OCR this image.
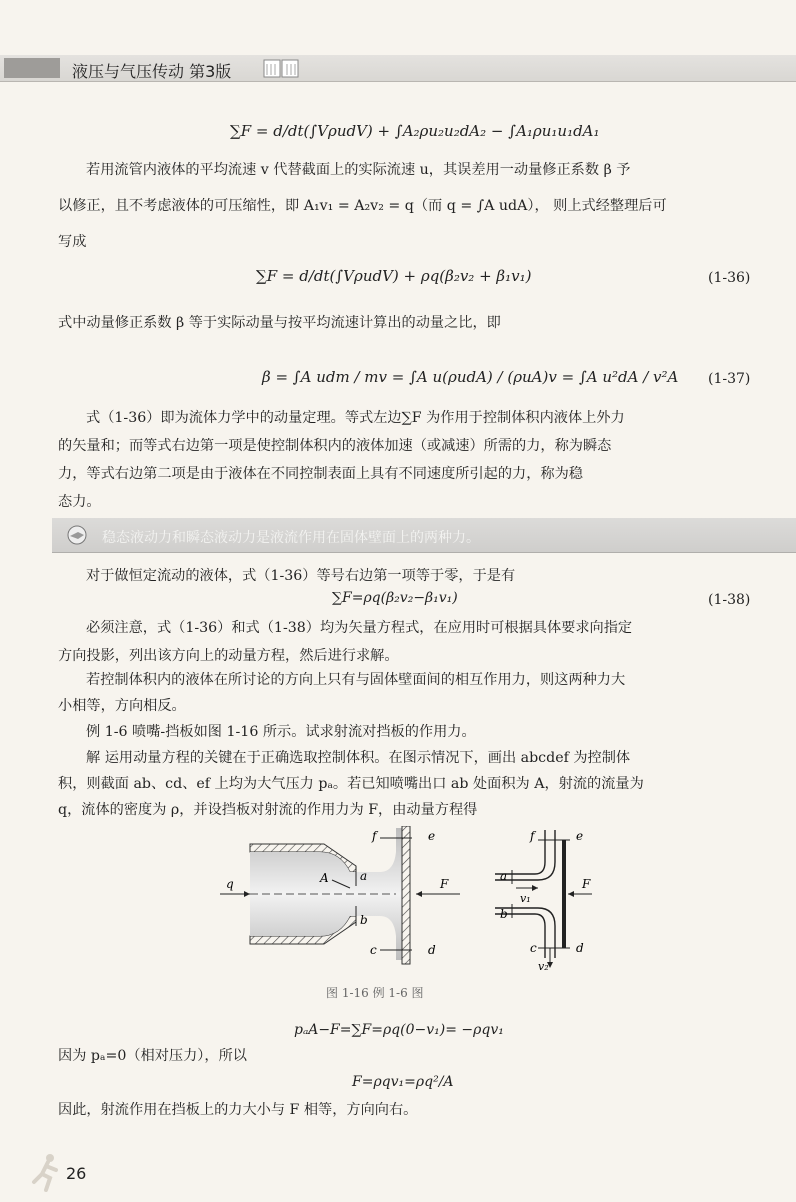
液压与气压传动 第3版
∑F = d/dt(∫VρudV) + ∫A₂ρu₂u₂dA₂ − ∫A₁ρu₁u₁dA₁
若用流管内液体的平均流速 v 代替截面上的实际流速 u，其误差用一动量修正系数 β 予
以修正，且不考虑液体的可压缩性，即 A₁v₁ = A₂v₂ = q（而 q = ∫A udA）， 则上式经整理后可
写成
∑F = d/dt(∫VρudV) + ρq(β₂v₂ + β₁v₁)	(1-36)
式中动量修正系数 β 等于实际动量与按平均流速计算出的动量之比，即
β = ∫A udm / mv = ∫A u(ρudA) / (ρuA)v = ∫A u²dA / v²A (1-37)
式（1-36）即为流体力学中的动量定理。等式左边∑F 为作用于控制体积内液体上外力
的矢量和；而等式右边第一项是使控制体积内的液体加速（或减速）所需的力，称为瞬态
力，等式右边第二项是由于液体在不同控制表面上具有不同速度所引起的力，称为稳
态力。
稳态液动力和瞬态液动力是液流作用在固体壁面上的两种力。
对于做恒定流动的液体，式（1-36）等号右边第一项等于零，于是有
∑F=ρq(β₂v₂−β₁v₁)	(1-38)
必须注意，式（1-36）和式（1-38）均为矢量方程式，在应用时可根据具体要求向指定
方向投影，列出该方向上的动量方程，然后进行求解。
若控制体积内的液体在所讨论的方向上只有与固体壁面间的相互作用力，则这两种力大
小相等，方向相反。
例 1-6 喷嘴-挡板如图 1-16 所示。试求射流对挡板的作用力。
解 运用动量方程的关键在于正确选取控制体积。在图示情况下，画出 abcdef 为控制体
积，则截面 ab、cd、ef 上均为大气压力 pₐ。若已知喷嘴出口 ab 处面积为 A，射流的流量为
q，流体的密度为 ρ，并设挡板对射流的作用力为 F，由动量方程得
q	A	a
b
f	e
c	d
F
a
b
f	e
c	d
F
v₁
v₂
图 1-16 例 1-6 图
pₐA−F=∑F=ρq(0−v₁)= −ρqv₁
因为 pₐ=0（相对压力），所以
F=ρqv₁=ρq²/A
因此，射流作用在挡板上的力大小与 F 相等，方向向右。
26
